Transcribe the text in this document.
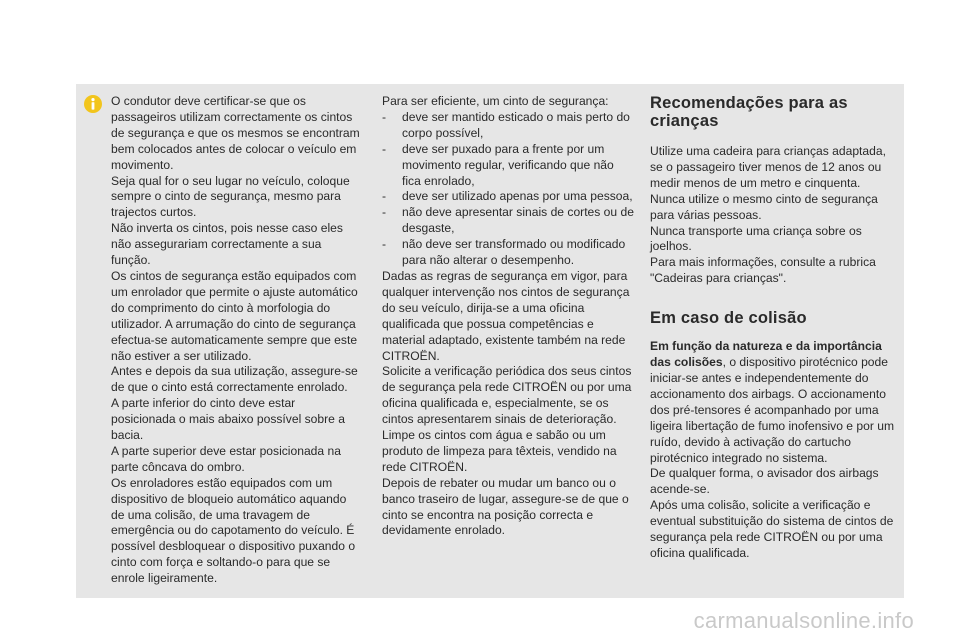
O condutor deve certificar-se que os passageiros utilizam correctamente os cintos de segurança e que os mesmos se encontram bem colocados antes de colocar o veículo em movimento.

Seja qual for o seu lugar no veículo, coloque sempre o cinto de segurança, mesmo para trajectos curtos.

Não inverta os cintos, pois nesse caso eles não assegurariam correctamente a sua função.

Os cintos de segurança estão equipados com um enrolador que permite o ajuste automático do comprimento do cinto à morfologia do utilizador. A arrumação do cinto de segurança efectua-se automaticamente sempre que este não estiver a ser utilizado.

Antes e depois da sua utilização, assegure-se de que o cinto está correctamente enrolado.

A parte inferior do cinto deve estar posicionada o mais abaixo possível sobre a bacia.

A parte superior deve estar posicionada na parte côncava do ombro.

Os enroladores estão equipados com um dispositivo de bloqueio automático aquando de uma colisão, de uma travagem de emergência ou do capotamento do veículo. É possível desbloquear o dispositivo puxando o cinto com força e soltando-o para que se enrole ligeiramente.

Para ser eficiente, um cinto de segurança:

- deve ser mantido esticado o mais perto do corpo possível,
- deve ser puxado para a frente por um movimento regular, verificando que não fica enrolado,
- deve ser utilizado apenas por uma pessoa,
- não deve apresentar sinais de cortes ou de desgaste,
- não deve ser transformado ou modificado para não alterar o desempenho.

Dadas as regras de segurança em vigor, para qualquer intervenção nos cintos de segurança do seu veículo, dirija-se a uma oficina qualificada que possua competências e material adaptado, existente também na rede CITROËN.

Solicite a verificação periódica dos seus cintos de segurança pela rede CITROËN ou por uma oficina qualificada e, especialmente, se os cintos apresentarem sinais de deterioração.

Limpe os cintos com água e sabão ou um produto de limpeza para têxteis, vendido na rede CITROËN.

Depois de rebater ou mudar um banco ou o banco traseiro de lugar, assegure-se de que o cinto se encontra na posição correcta e devidamente enrolado.

Recomendações para as crianças

Utilize uma cadeira para crianças adaptada, se o passageiro tiver menos de 12 anos ou medir menos de um metro e cinquenta.

Nunca utilize o mesmo cinto de segurança para várias pessoas.

Nunca transporte uma criança sobre os joelhos.

Para mais informações, consulte a rubrica "Cadeiras para crianças".

Em caso de colisão

Em função da natureza e da importância das colisões, o dispositivo pirotécnico pode iniciar-se antes e independentemente do accionamento dos airbags. O accionamento dos pré-tensores é acompanhado por uma ligeira libertação de fumo inofensivo e por um ruído, devido à activação do cartucho pirotécnico integrado no sistema.

De qualquer forma, o avisador dos airbags acende-se.

Após uma colisão, solicite a verificação e eventual substituição do sistema de cintos de segurança pela rede CITROËN ou por uma oficina qualificada.

carmanualsonline.info
